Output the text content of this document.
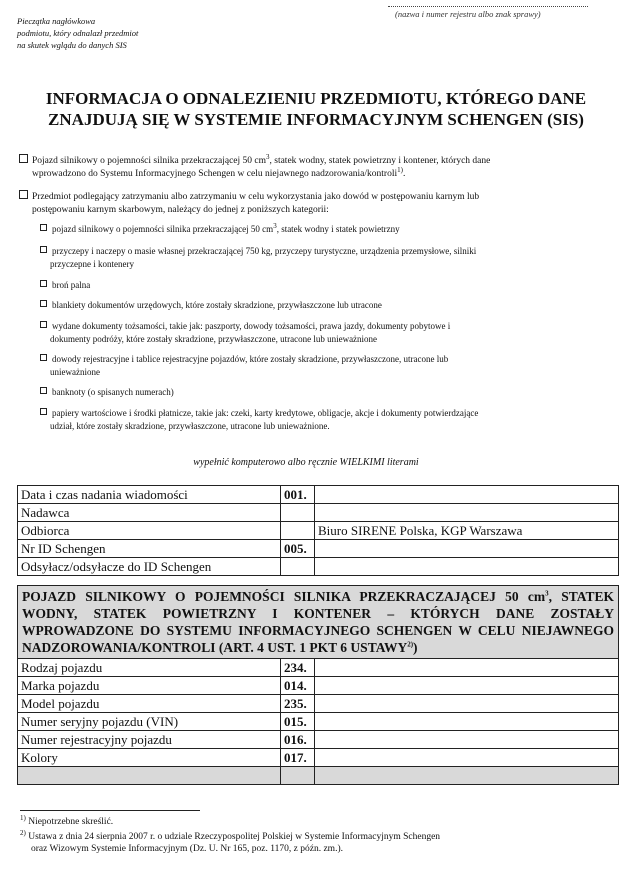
Pieczątka nagłówkowa
podmiotu, który odnalazł przedmiot
na skutek wglądu do danych SIS
(nazwa i numer rejestru albo znak sprawy)
INFORMACJA O ODNALEZIENIU PRZEDMIOTU, KTÓREGO DANE
ZNAJDUJĄ SIĘ W SYSTEMIE INFORMACYJNYM SCHENGEN (SIS)
Pojazd silnikowy o pojemności silnika przekraczającej 50 $cm^3$, statek wodny, statek powietrzny i kontener, których dane
wprowadzono do Systemu Informacyjnego Schengen w celu niejawnego nadzorowania/kontroli$^{1)}$.
Przedmiot podlegający zatrzymaniu albo zatrzymaniu w celu wykorzystania jako dowód w postępowaniu karnym lub
postępowaniu karnym skarbowym, należący do jednej z poniższych kategorii:
pojazd silnikowy o pojemności silnika przekraczającej 50 $cm^3$, statek wodny i statek powietrzny
przyczepy i naczepy o masie własnej przekraczającej 750 kg, przyczepy turystyczne, urządzenia przemysłowe, silniki
przyczepne i kontenery
broń palna
blankiety dokumentów urzędowych, które zostały skradzione, przywłaszczone lub utracone
wydane dokumenty tożsamości, takie jak: paszporty, dowody tożsamości, prawa jazdy, dokumenty pobytowe i
dokumenty podróży, które zostały skradzione, przywłaszczone, utracone lub unieważnione
dowody rejestracyjne i tablice rejestracyjne pojazdów, które zostały skradzione, przywłaszczone, utracone lub
unieważnione
banknoty (o spisanych numerach)
papiery wartościowe i środki płatnicze, takie jak: czeki, karty kredytowe, obligacje, akcje i dokumenty potwierdzające
udział, które zostały skradzione, przywłaszczone, utracone lub unieważnione.
wypełnić komputerowo albo ręcznie WIELKIMI literami
Data i czas nadania wiadomości	001.	
Nadawca		
Odbiorca		Biuro SIRENE Polska, KGP Warszawa
Nr ID Schengen	005.	
Odsyłacz/odsyłacze do ID Schengen		
POJAZD SILNIKOWY O POJEMNOŚCI SILNIKA PRZEKRACZAJĄCEJ 50 $cm^3$, STATEK WODNY, STATEK POWIETRZNY I KONTENER – KTÓRYCH DANE ZOSTAŁY WPROWADZONE DO SYSTEMU INFORMACYJNEGO SCHENGEN W CELU NIEJAWNEGO NADZOROWANIA/KONTROLI (ART. 4 UST. 1 PKT 6 USTAWY$^{2)}$)		
Rodzaj pojazdu	234.	
Marka pojazdu	014.	
Model pojazdu	235.	
Numer seryjny pojazdu (VIN)	015.	
Numer rejestracyjny pojazdu	016.	
Kolory	017.	

$^{1)}$ Niepotrzebne skreślić.
$^{2)}$ Ustawa z dnia 24 sierpnia 2007 r. o udziale Rzeczypospolitej Polskiej w Systemie Informacyjnym Schengen
oraz Wizowym Systemie Informacyjnym (Dz. U. Nr 165, poz. 1170, z późn. zm.).
